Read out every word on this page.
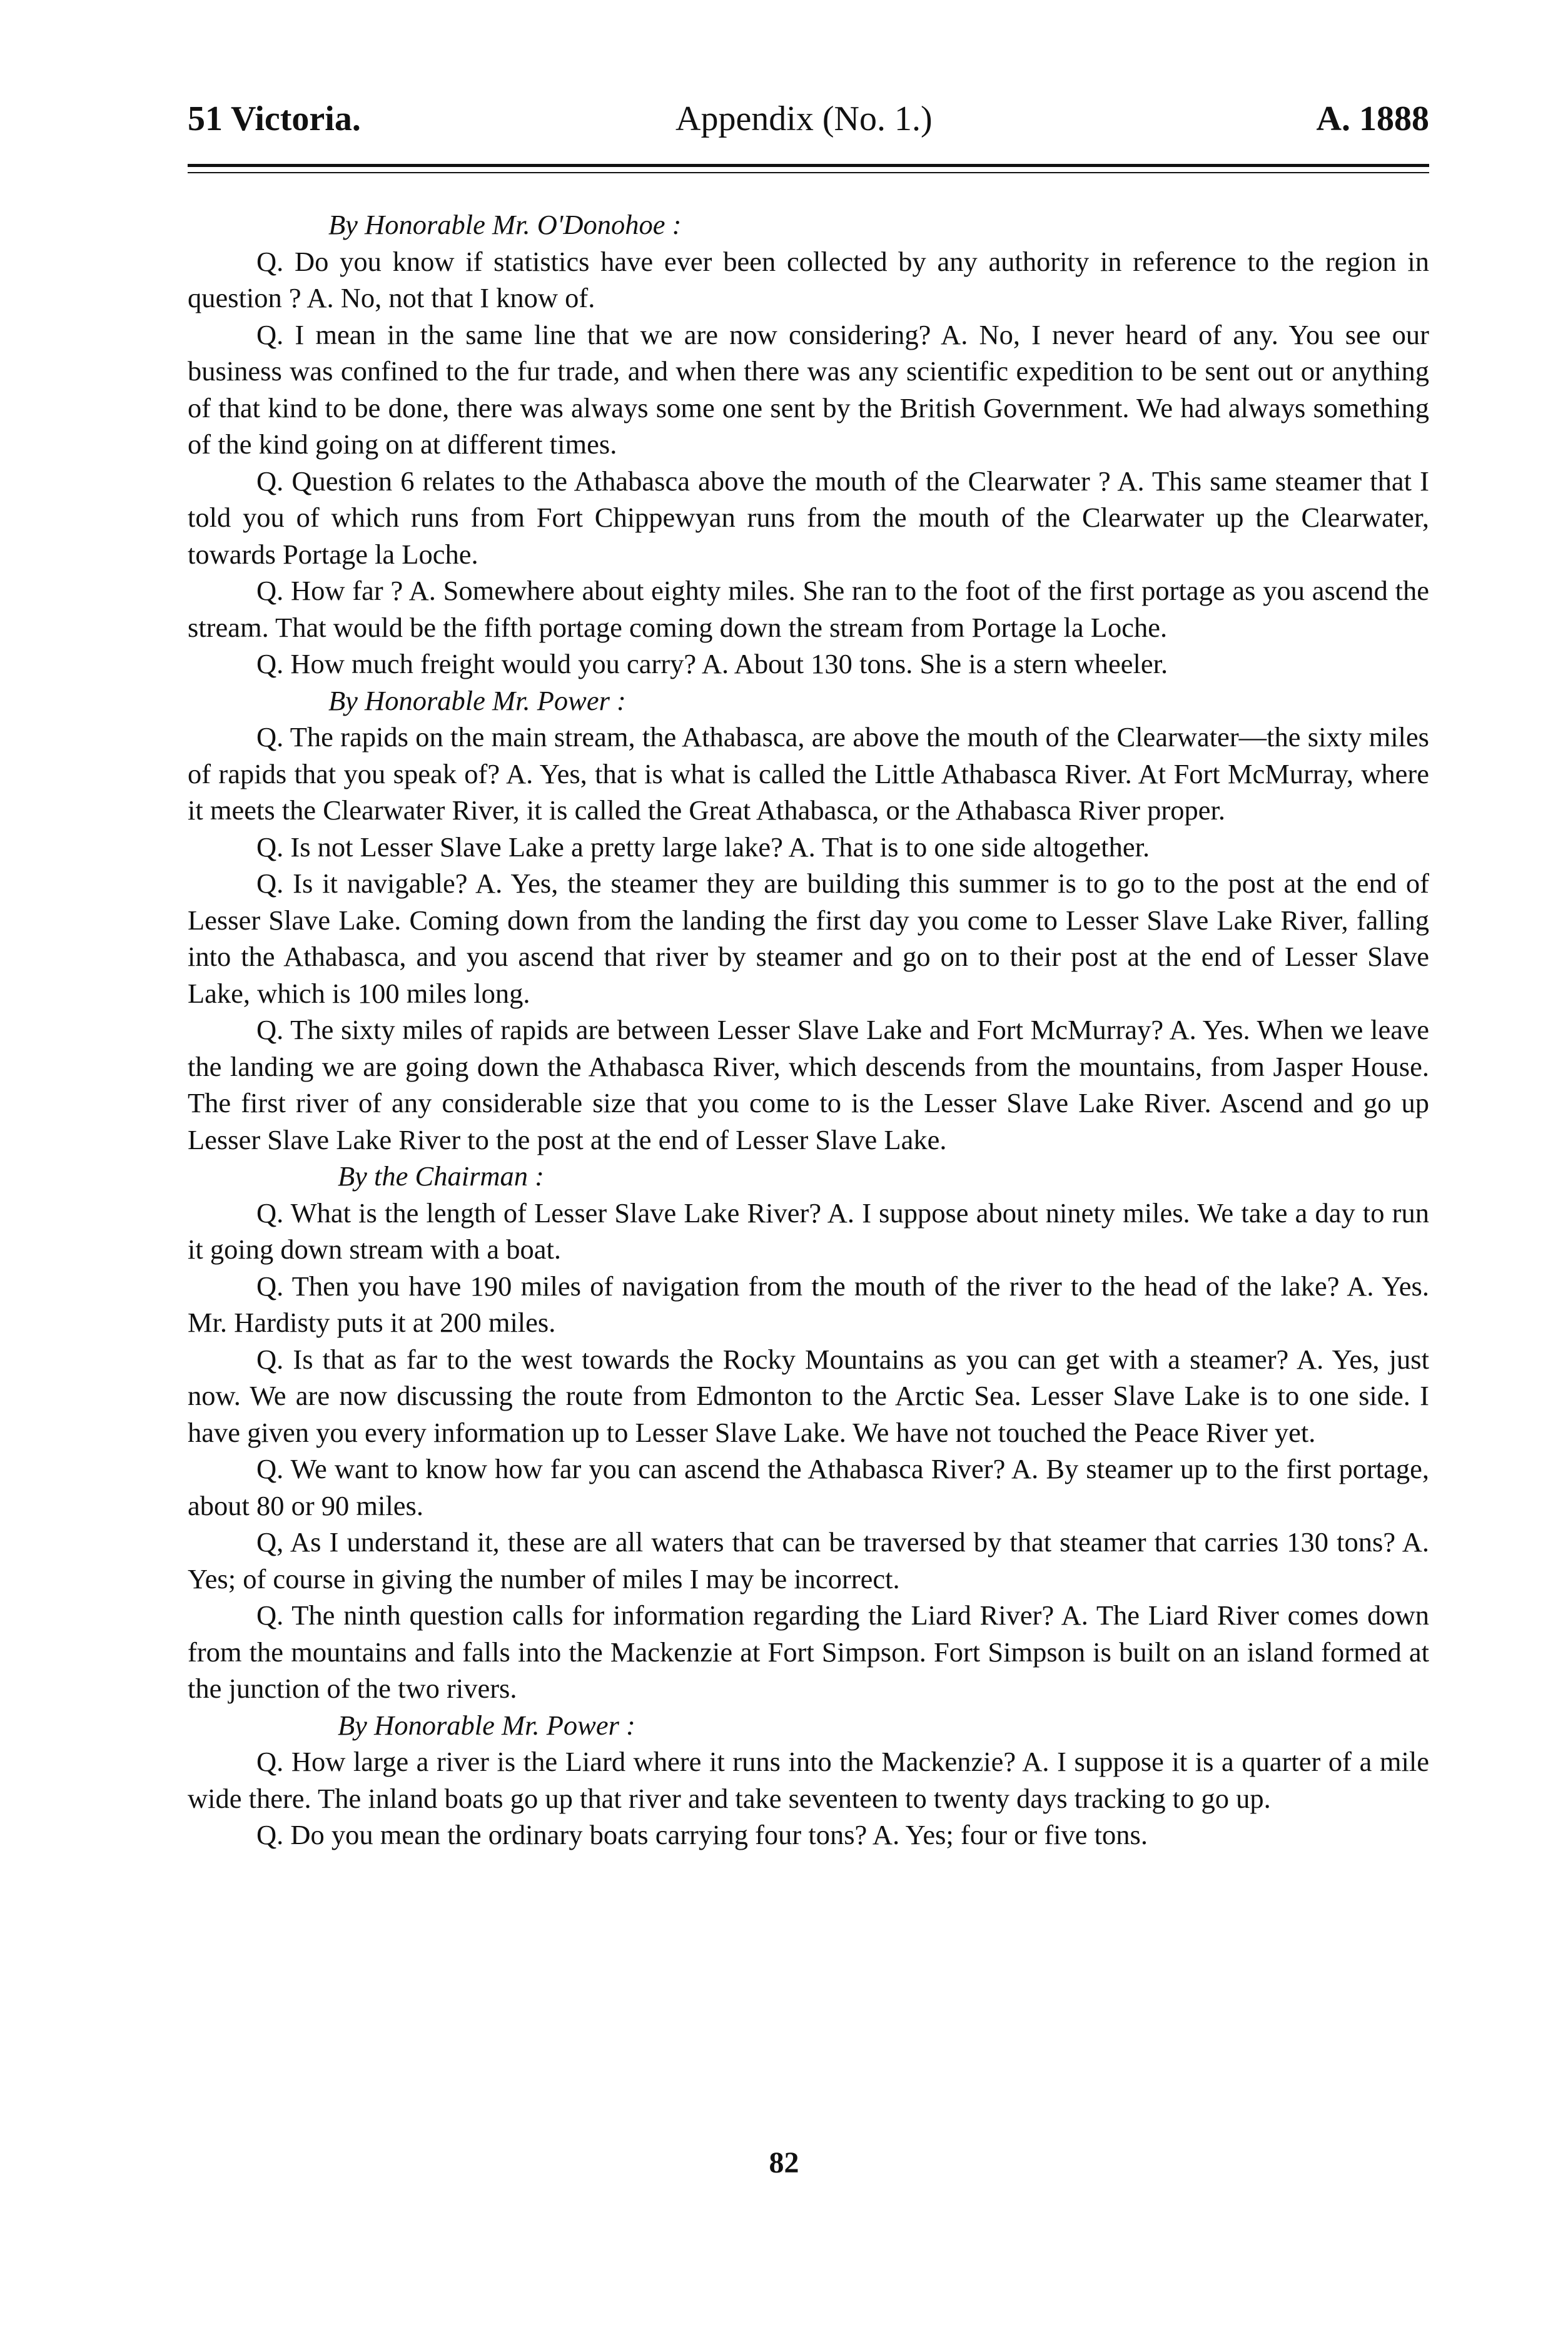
51 Victoria.	Appendix (No. 1.)	A. 1888

By Honorable Mr. O'Donohoe :

Q. Do you know if statistics have ever been collected by any authority in reference to the region in question ? A. No, not that I know of.

Q. I mean in the same line that we are now considering? A. No, I never heard of any. You see our business was confined to the fur trade, and when there was any scientific expedition to be sent out or anything of that kind to be done, there was always some one sent by the British Government. We had always something of the kind going on at different times.

Q. Question 6 relates to the Athabasca above the mouth of the Clearwater ? A. This same steamer that I told you of which runs from Fort Chippewyan runs from the mouth of the Clearwater up the Clearwater, towards Portage la Loche.

Q. How far ? A. Somewhere about eighty miles. She ran to the foot of the first portage as you ascend the stream. That would be the fifth portage coming down the stream from Portage la Loche.

Q. How much freight would you carry? A. About 130 tons. She is a stern wheeler.

By Honorable Mr. Power :

Q. The rapids on the main stream, the Athabasca, are above the mouth of the Clearwater—the sixty miles of rapids that you speak of? A. Yes, that is what is called the Little Athabasca River. At Fort McMurray, where it meets the Clearwater River, it is called the Great Athabasca, or the Athabasca River proper.

Q. Is not Lesser Slave Lake a pretty large lake? A. That is to one side altogether.

Q. Is it navigable? A. Yes, the steamer they are building this summer is to go to the post at the end of Lesser Slave Lake. Coming down from the landing the first day you come to Lesser Slave Lake River, falling into the Athabasca, and you ascend that river by steamer and go on to their post at the end of Lesser Slave Lake, which is 100 miles long.

Q. The sixty miles of rapids are between Lesser Slave Lake and Fort McMurray? A. Yes. When we leave the landing we are going down the Athabasca River, which descends from the mountains, from Jasper House. The first river of any considerable size that you come to is the Lesser Slave Lake River. Ascend and go up Lesser Slave Lake River to the post at the end of Lesser Slave Lake.

By the Chairman :

Q. What is the length of Lesser Slave Lake River? A. I suppose about ninety miles. We take a day to run it going down stream with a boat.

Q. Then you have 190 miles of navigation from the mouth of the river to the head of the lake? A. Yes. Mr. Hardisty puts it at 200 miles.

Q. Is that as far to the west towards the Rocky Mountains as you can get with a steamer? A. Yes, just now. We are now discussing the route from Edmonton to the Arctic Sea. Lesser Slave Lake is to one side. I have given you every information up to Lesser Slave Lake. We have not touched the Peace River yet.

Q. We want to know how far you can ascend the Athabasca River? A. By steamer up to the first portage, about 80 or 90 miles.

Q, As I understand it, these are all waters that can be traversed by that steamer that carries 130 tons? A. Yes; of course in giving the number of miles I may be incorrect.

Q. The ninth question calls for information regarding the Liard River? A. The Liard River comes down from the mountains and falls into the Mackenzie at Fort Simpson. Fort Simpson is built on an island formed at the junction of the two rivers.

By Honorable Mr. Power :

Q. How large a river is the Liard where it runs into the Mackenzie? A. I suppose it is a quarter of a mile wide there. The inland boats go up that river and take seventeen to twenty days tracking to go up.

Q. Do you mean the ordinary boats carrying four tons? A. Yes; four or five tons.

82
